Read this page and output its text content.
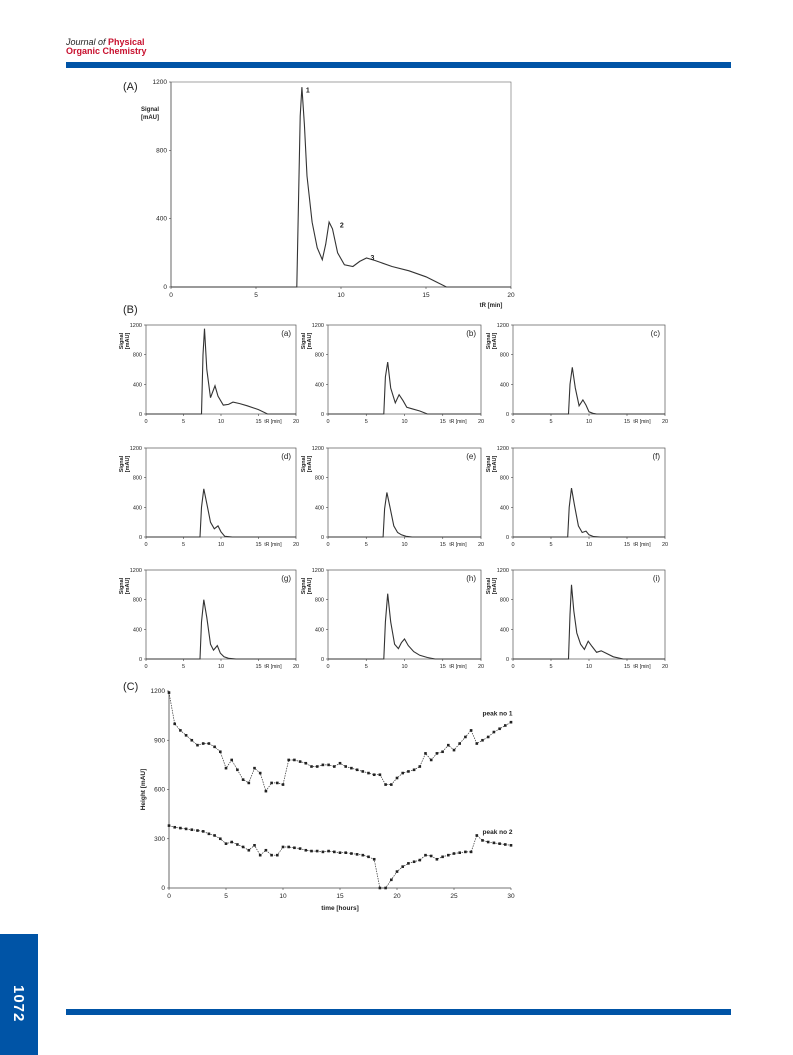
Journal of Physical
Organic Chemistry
(A)
(B)
(C)
0	5	10	15	20
0
400
800
1200
Signal
[mAU]
tR [min]
1
2
3
0	5	10	15	20
0
400
800
1200
Signal [mAU]
tR [min]
(a)
0	5	10	15	20
0
400
800
1200
Signal [mAU]
tR [min]
(b)
0	5	10	15	20
0
400
800
1200
Signal [mAU]
tR [min]
(c)
0	5	10	15	20
0
400
800
1200
Signal [mAU]
tR [min]
(d)
0	5	10	15	20
0
400
800
1200
Signal [mAU]
tR [min]
(e)
0	5	10	15	20
0
400
800
1200
Signal [mAU]
tR [min]
(f)
0	5	10	15	20
0
400
800
1200
Signal [mAU]
tR [min]
(g)
0	5	10	15	20
0
400
800
1200
Signal [mAU]
tR [min]
(h)
0	5	10	15	20
0
400
800
1200
Signal [mAU]
tR [min]
(i)
0	5	10	15	20	25	30
0
300
600
900
1200
Height [mAU]
time [hours]
peak no 1
peak no 2
1072
